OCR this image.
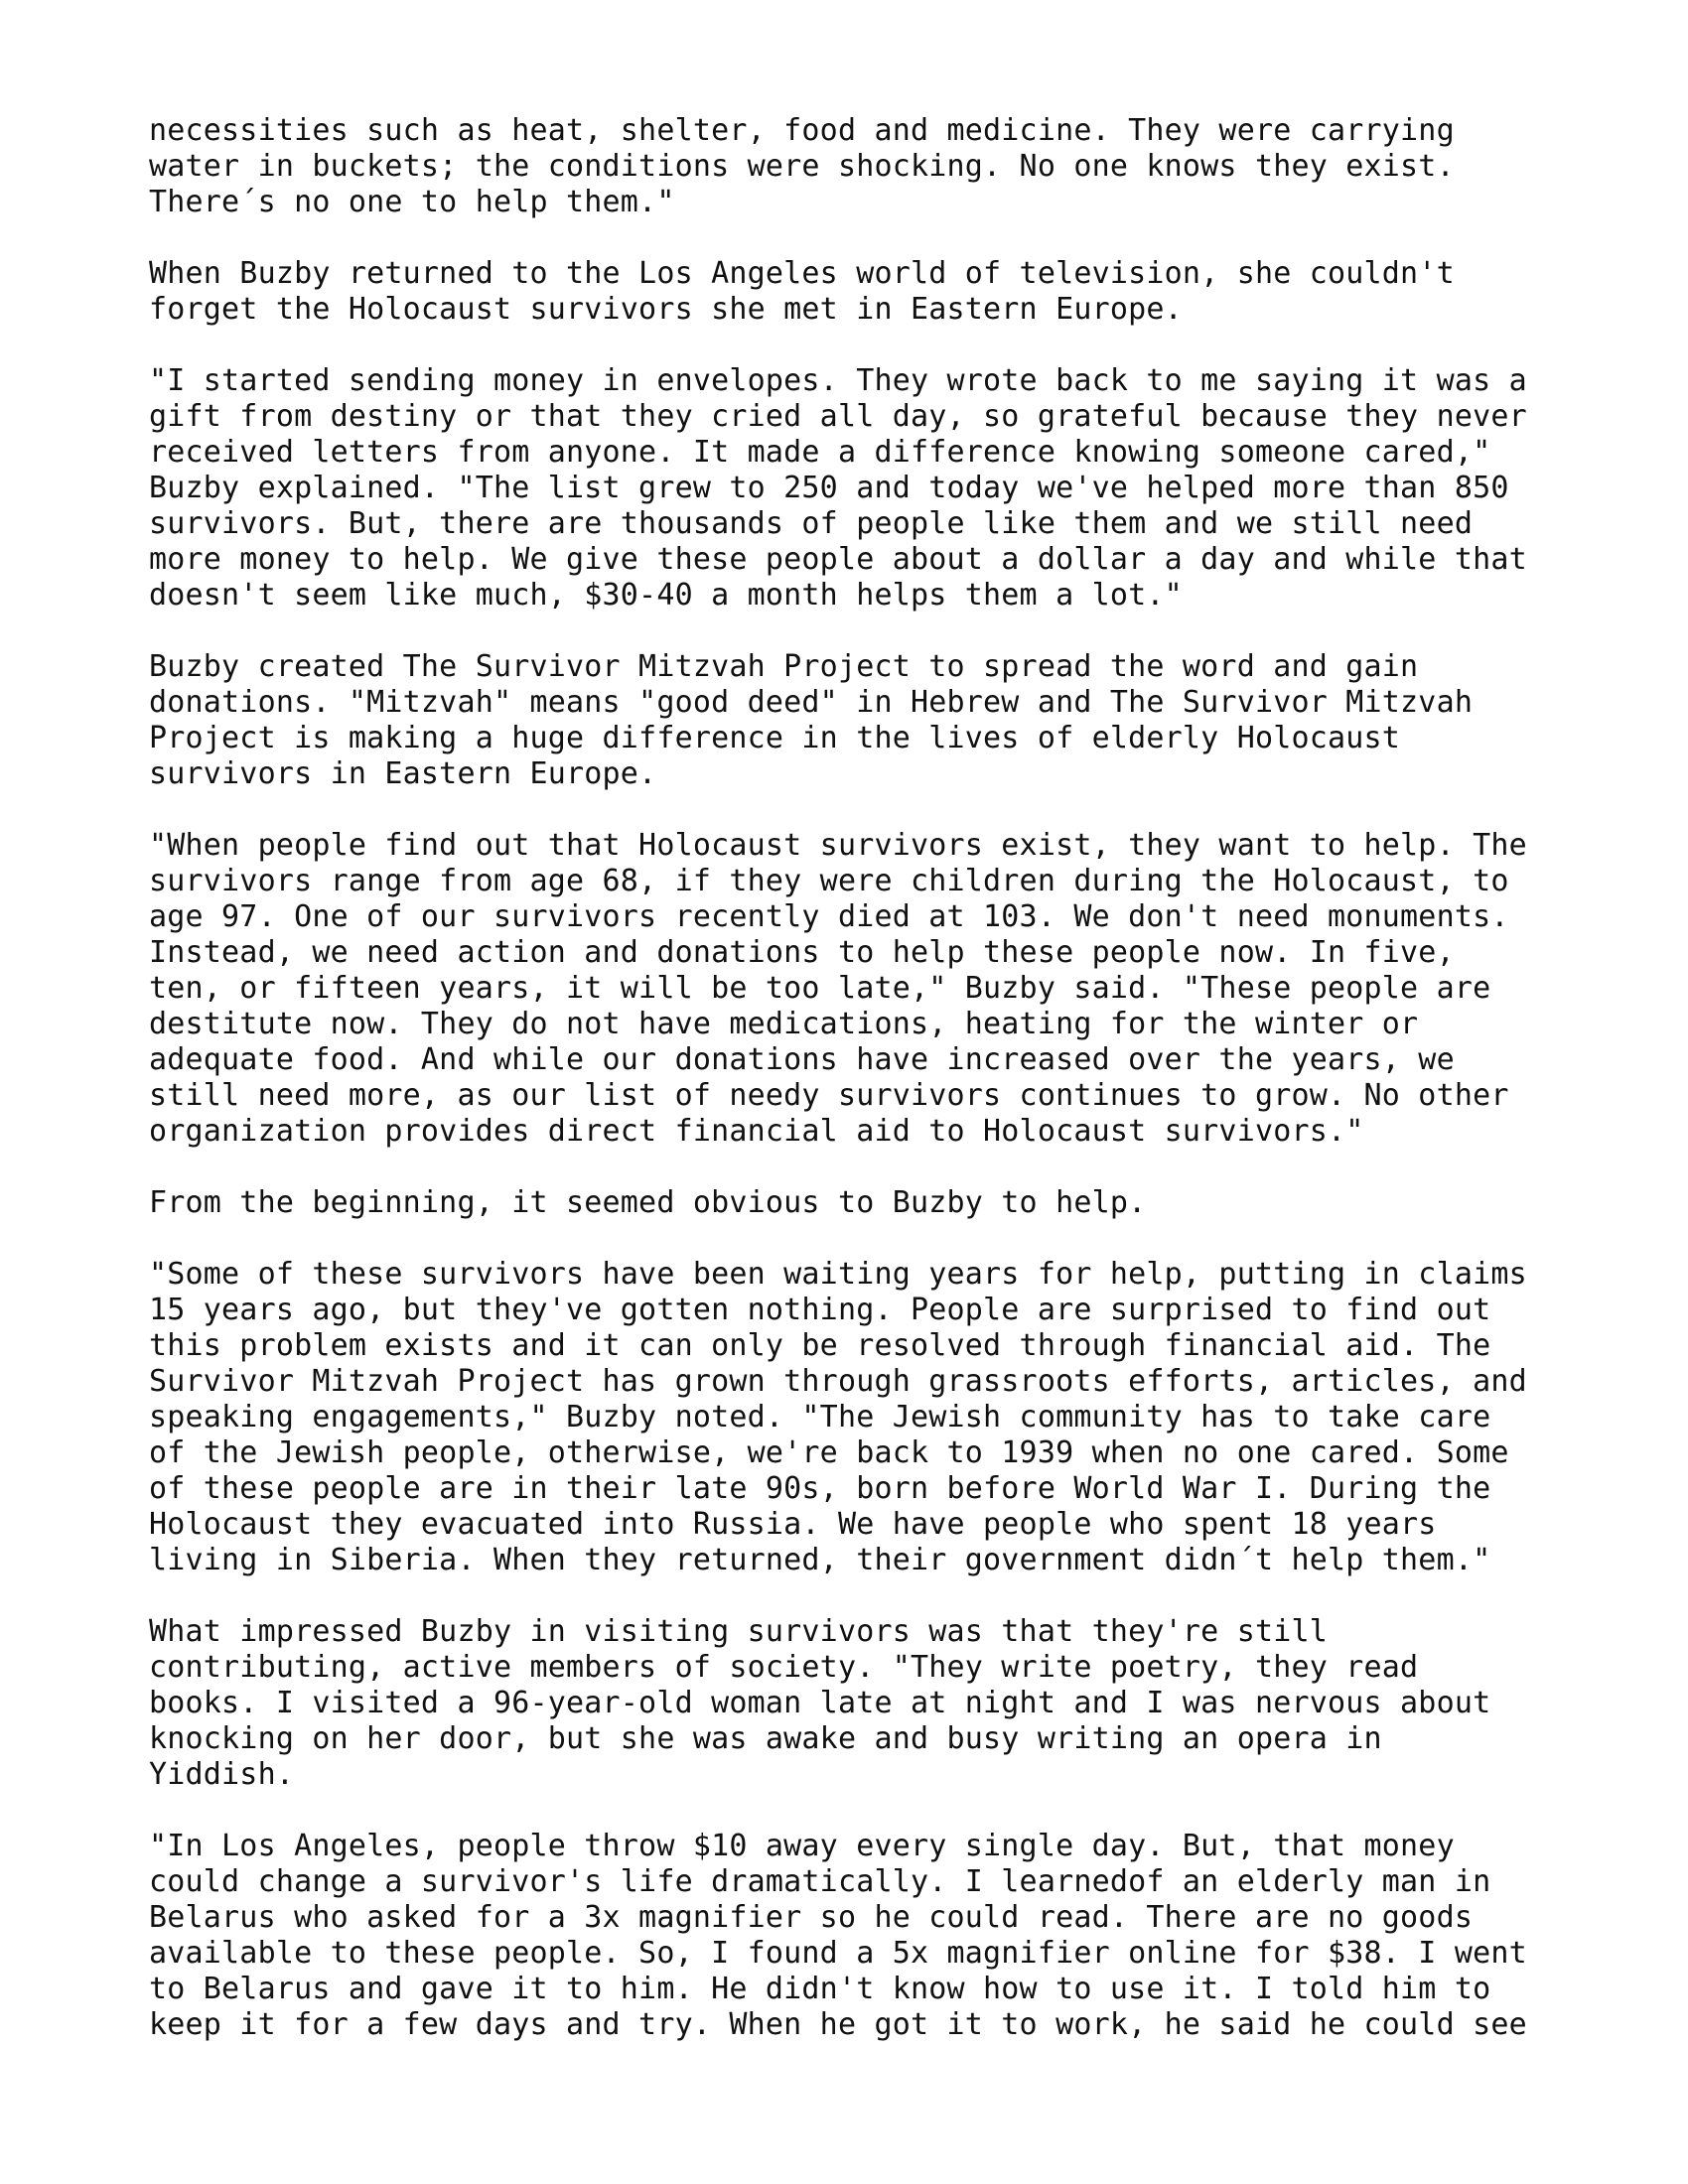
necessities such as heat, shelter, food and medicine. They were carrying
water in buckets; the conditions were shocking. No one knows they exist.
There´s no one to help them."

When Buzby returned to the Los Angeles world of television, she couldn't
forget the Holocaust survivors she met in Eastern Europe.

"I started sending money in envelopes. They wrote back to me saying it was a
gift from destiny or that they cried all day, so grateful because they never
received letters from anyone. It made a difference knowing someone cared,"
Buzby explained. "The list grew to 250 and today we've helped more than 850
survivors. But, there are thousands of people like them and we still need
more money to help. We give these people about a dollar a day and while that
doesn't seem like much, $30-40 a month helps them a lot."

Buzby created The Survivor Mitzvah Project to spread the word and gain
donations. "Mitzvah" means "good deed" in Hebrew and The Survivor Mitzvah
Project is making a huge difference in the lives of elderly Holocaust
survivors in Eastern Europe.

"When people find out that Holocaust survivors exist, they want to help. The
survivors range from age 68, if they were children during the Holocaust, to
age 97. One of our survivors recently died at 103. We don't need monuments.
Instead, we need action and donations to help these people now. In five,
ten, or fifteen years, it will be too late," Buzby said. "These people are
destitute now. They do not have medications, heating for the winter or
adequate food. And while our donations have increased over the years, we
still need more, as our list of needy survivors continues to grow. No other
organization provides direct financial aid to Holocaust survivors."

From the beginning, it seemed obvious to Buzby to help.

"Some of these survivors have been waiting years for help, putting in claims
15 years ago, but they've gotten nothing. People are surprised to find out
this problem exists and it can only be resolved through financial aid. The
Survivor Mitzvah Project has grown through grassroots efforts, articles, and
speaking engagements," Buzby noted. "The Jewish community has to take care
of the Jewish people, otherwise, we're back to 1939 when no one cared. Some
of these people are in their late 90s, born before World War I. During the
Holocaust they evacuated into Russia. We have people who spent 18 years
living in Siberia. When they returned, their government didn´t help them."

What impressed Buzby in visiting survivors was that they're still
contributing, active members of society. "They write poetry, they read
books. I visited a 96-year-old woman late at night and I was nervous about
knocking on her door, but she was awake and busy writing an opera in
Yiddish.

"In Los Angeles, people throw $10 away every single day. But, that money
could change a survivor's life dramatically. I learnedof an elderly man in
Belarus who asked for a 3x magnifier so he could read. There are no goods
available to these people. So, I found a 5x magnifier online for $38. I went
to Belarus and gave it to him. He didn't know how to use it. I told him to
keep it for a few days and try. When he got it to work, he said he could see
